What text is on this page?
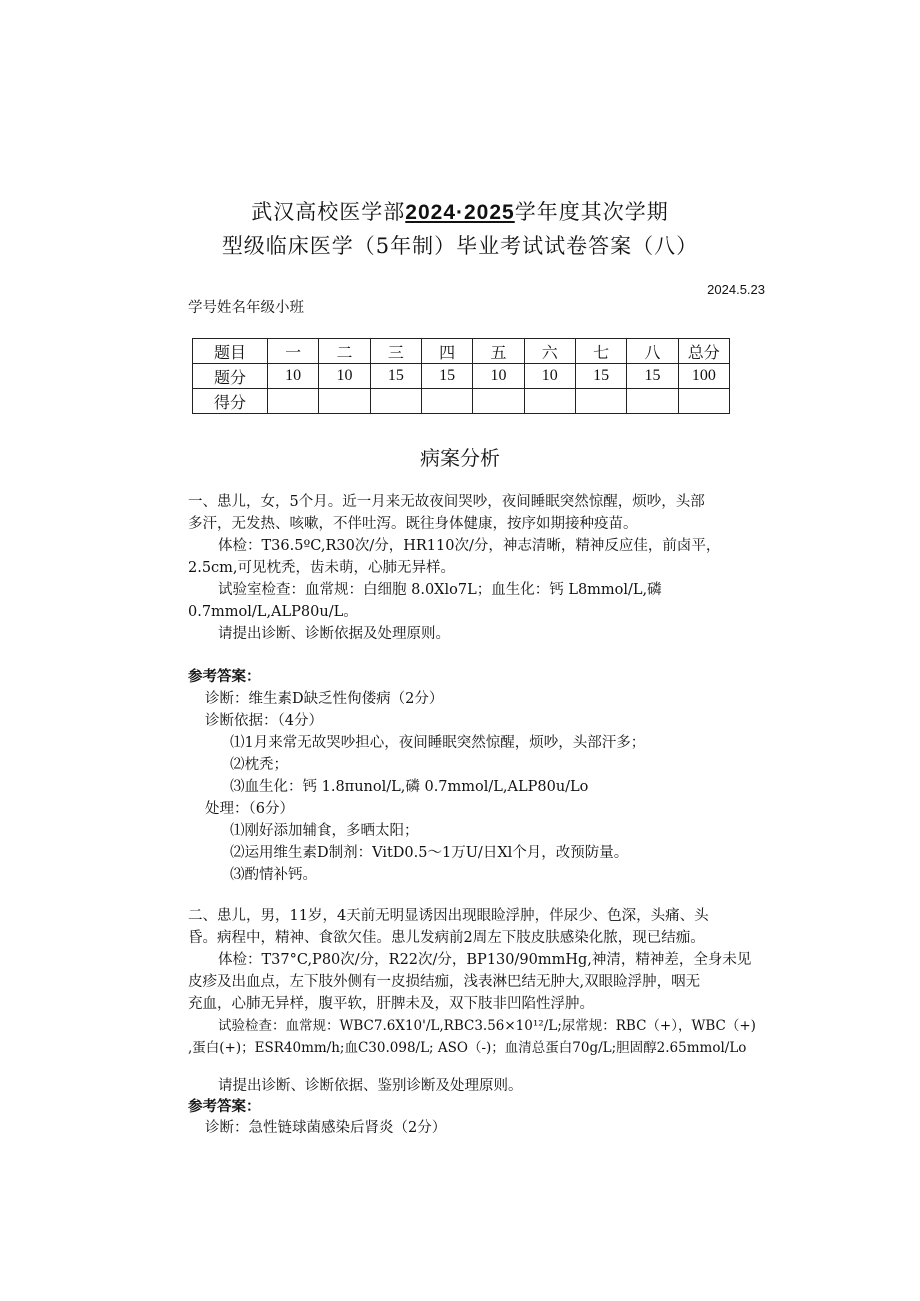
武汉高校医学部2024·2025学年度其次学期
型级临床医学（5年制）毕业考试试卷答案（八）
2024.5.23
学号姓名年级小班
题目	一	二	三	四	五	六	七	八	总分
题分	10	10	15	15	10	10	15	15	100
得分									
病案分析
一、患儿，女，5个月。近一月来无故夜间哭吵，夜间睡眠突然惊醒，烦吵，头部
多汗，无发热、咳嗽，不伴吐泻。既往身体健康，按序如期接种疫苗。
体检：T36.5ºC,R30次/分，HR110次/分，神志清晰，精神反应佳，前卤平，
2.5cm,可见枕秃，齿未萌，心肺无异样。
试验室检查：血常规：白细胞 8.0Xlo7L；血生化：钙 L8mmol/L,磷
0.7mmol/L,ALP80u/L。
请提出诊断、诊断依据及处理原则。
参考答案：
诊断：维生素D缺乏性佝偻病（2分）
诊断依据：（4分）
⑴1月来常无故哭吵担心，夜间睡眠突然惊醒，烦吵，头部汗多；
⑵枕秃；
⑶血生化：钙 1.8πunol/L,磷 0.7mmol/L,ALP80u/Lo
处理：（6分）
⑴刚好添加辅食，多晒太阳；
⑵运用维生素D制剂：VitD0.5〜1万U/日Xl个月，改预防量。
⑶酌情补钙。
二、患儿，男，11岁，4天前无明显诱因出现眼睑浮肿，伴尿少、色深，头痛、头
昏。病程中，精神、食欲欠佳。患儿发病前2周左下肢皮肤感染化脓，现已结痂。
体检：T37°C,P80次/分，R22次/分，BP130/90mmHg,神清，精神差，全身未见
皮疹及出血点，左下肢外侧有一皮损结痂，浅表淋巴结无肿大,双眼睑浮肿，咽无
充血，心肺无异样，腹平软，肝脾未及，双下肢非凹陷性浮肿。
试验检查：血常规：WBC7.6X10'/L,RBC3.56×10¹²/L;尿常规：RBC（+），WBC（+)
,蛋白(+)；ESR40mm/h;血C30.098/L; ASO（-)；血清总蛋白70g/L;胆固醇2.65mmol/Lo
请提出诊断、诊断依据、鉴别诊断及处理原则。
参考答案：
诊断：急性链球菌感染后肾炎（2分）
